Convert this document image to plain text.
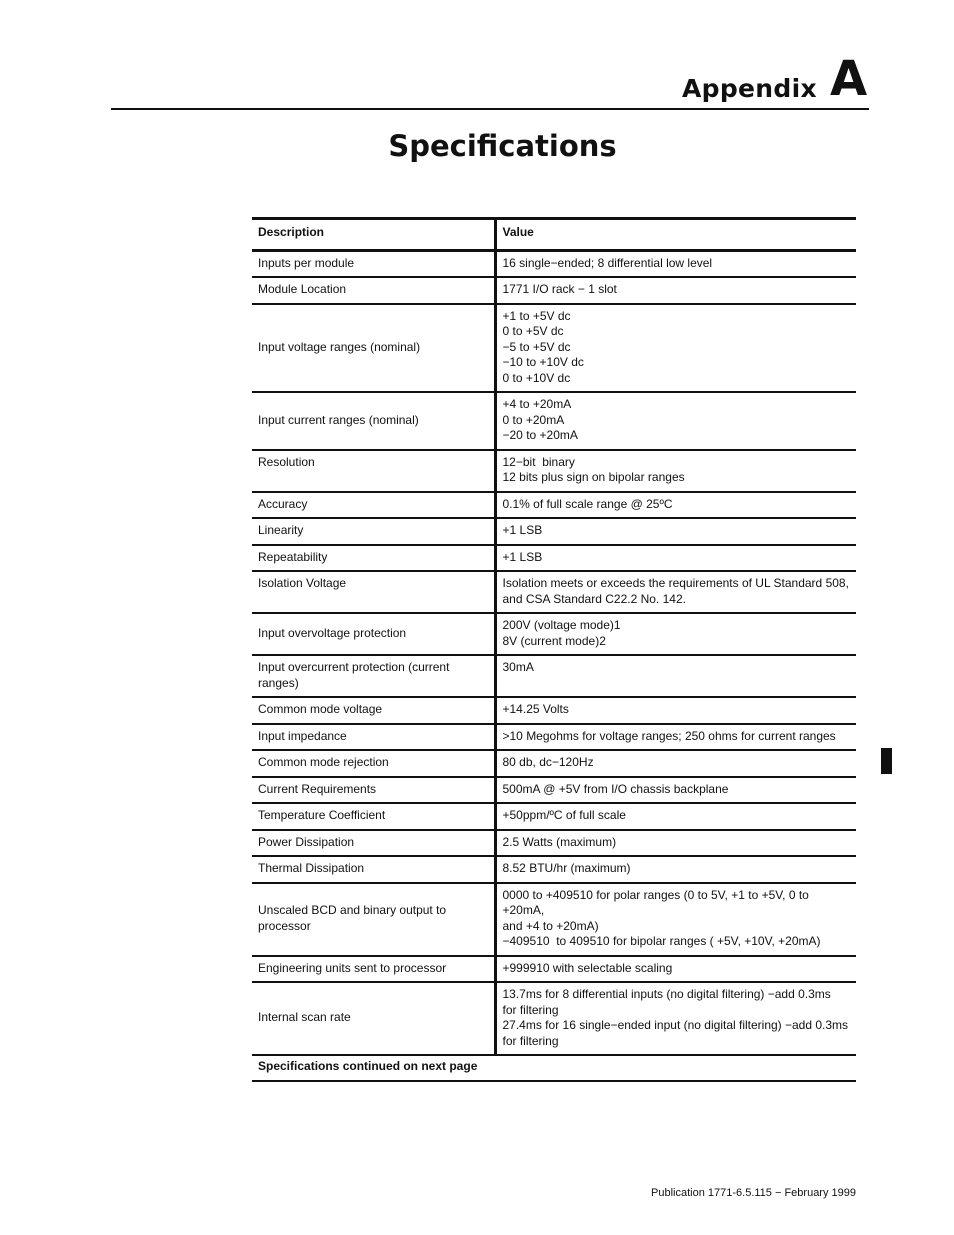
Appendix A
Specifications
Description	Value
Inputs per module	16 single−ended; 8 differential low level

Module Location	1771 I/O rack − 1 slot

Input voltage ranges (nominal)	+1 to +5V dc
0 to +5V dc
−5 to +5V dc
−10 to +10V dc
0 to +10V dc

Input current ranges (nominal)	+4 to +20mA
0 to +20mA
−20 to +20mA

Resolution	12−bit  binary
12 bits plus sign on bipolar ranges

Accuracy	0.1% of full scale range @ 25ºC

Linearity	+1 LSB

Repeatability	+1 LSB

Isolation Voltage	Isolation meets or exceeds the requirements of UL Standard 508,
and CSA Standard C22.2 No. 142.

Input overvoltage protection	200V (voltage mode)1
8V (current mode)2

Input overcurrent protection (current ranges)	30mA

Common mode voltage	+14.25 Volts

Input impedance	>10 Megohms for voltage ranges; 250 ohms for current ranges

Common mode rejection	80 db, dc−120Hz

Current Requirements	500mA @ +5V from I/O chassis backplane

Temperature Coefficient	+50ppm/ºC of full scale

Power Dissipation	2.5 Watts (maximum)

Thermal Dissipation	8.52 BTU/hr (maximum)

Unscaled BCD and binary output to processor	0000 to +409510 for polar ranges (0 to 5V, +1 to +5V, 0 to +20mA,
and +4 to +20mA)
−409510  to 409510 for bipolar ranges ( +5V, +10V, +20mA)

Engineering units sent to processor	+999910 with selectable scaling

Internal scan rate	13.7ms for 8 differential inputs (no digital filtering) −add 0.3ms
for filtering
27.4ms for 16 single−ended input (no digital filtering) −add 0.3ms
for filtering

Specifications continued on next page	
Publication 1771-6.5.115 − February 1999
